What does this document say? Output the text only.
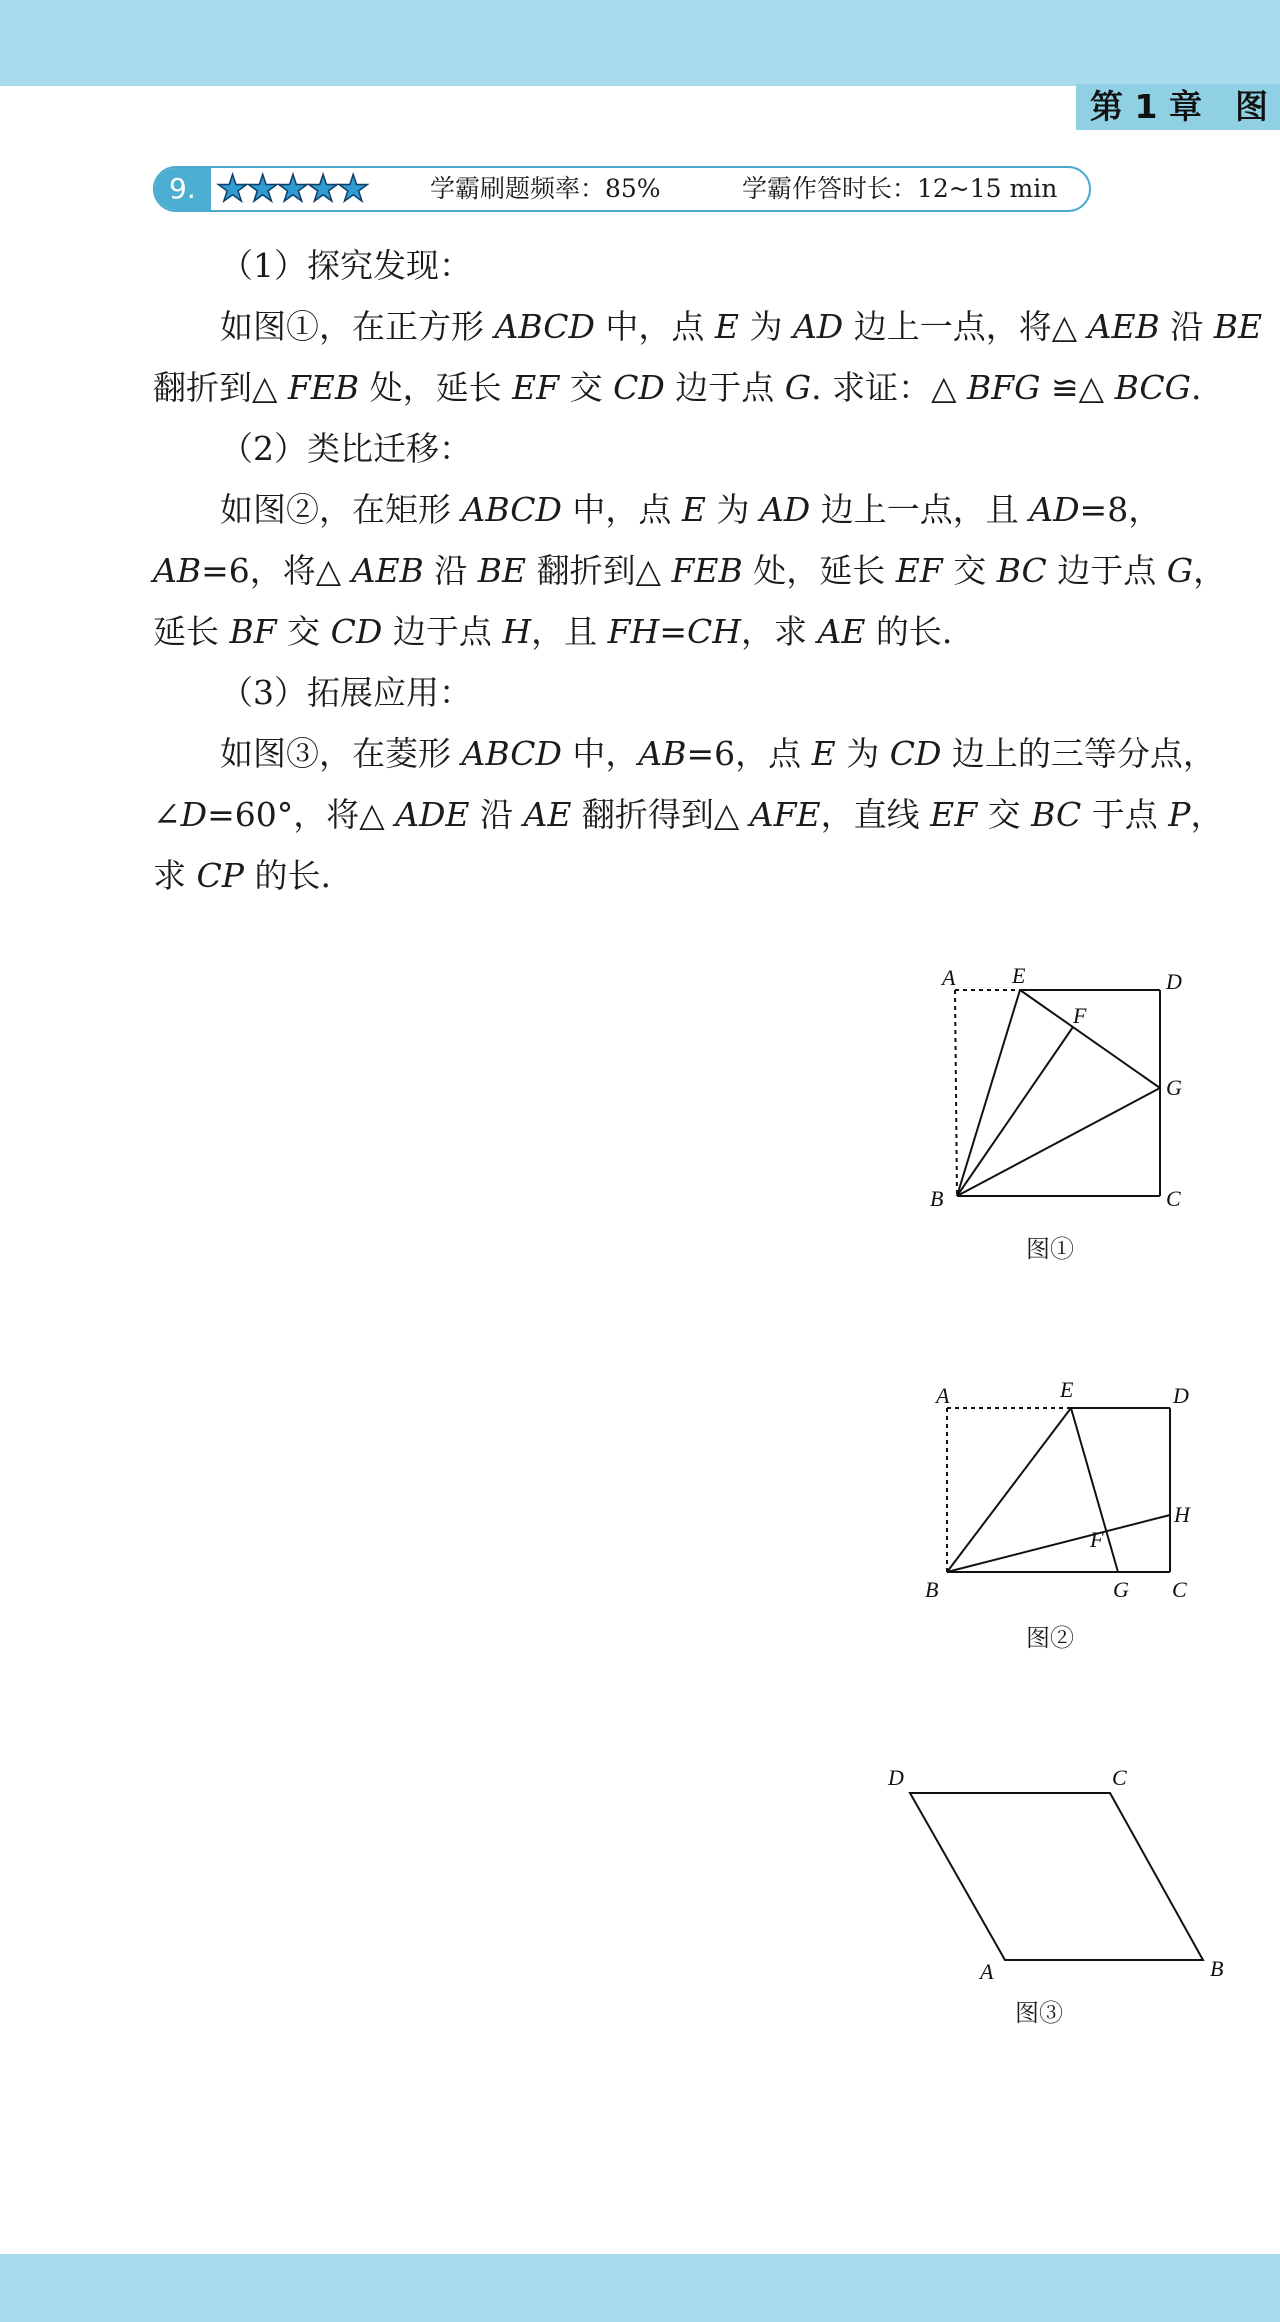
第 1 章　图
9. ★★★★★	学霸刷题频率：85%	学霸作答时长：12~15 min
（1）探究发现：
如图①，在正方形 ABCD 中，点 E 为 AD 边上一点，将△ AEB 沿 BE
翻折到△ FEB 处，延长 EF 交 CD 边于点 G. 求证：△ BFG ≌△ BCG.
（2）类比迁移：
如图②，在矩形 ABCD 中，点 E 为 AD 边上一点，且 AD=8，
AB=6，将△ AEB 沿 BE 翻折到△ FEB 处，延长 EF 交 BC 边于点 G，
延长 BF 交 CD 边于点 H，且 FH=CH，求 AE 的长.
（3）拓展应用：
如图③，在菱形 ABCD 中，AB=6，点 E 为 CD 边上的三等分点，
∠D=60°，将△ ADE 沿 AE 翻折得到△ AFE，直线 EF 交 BC 于点 P，
求 CP 的长.
A	E	D
F
G
B	C
图①
A	E	D
H
F
B	G C
图②
D	C
A	B
图③
